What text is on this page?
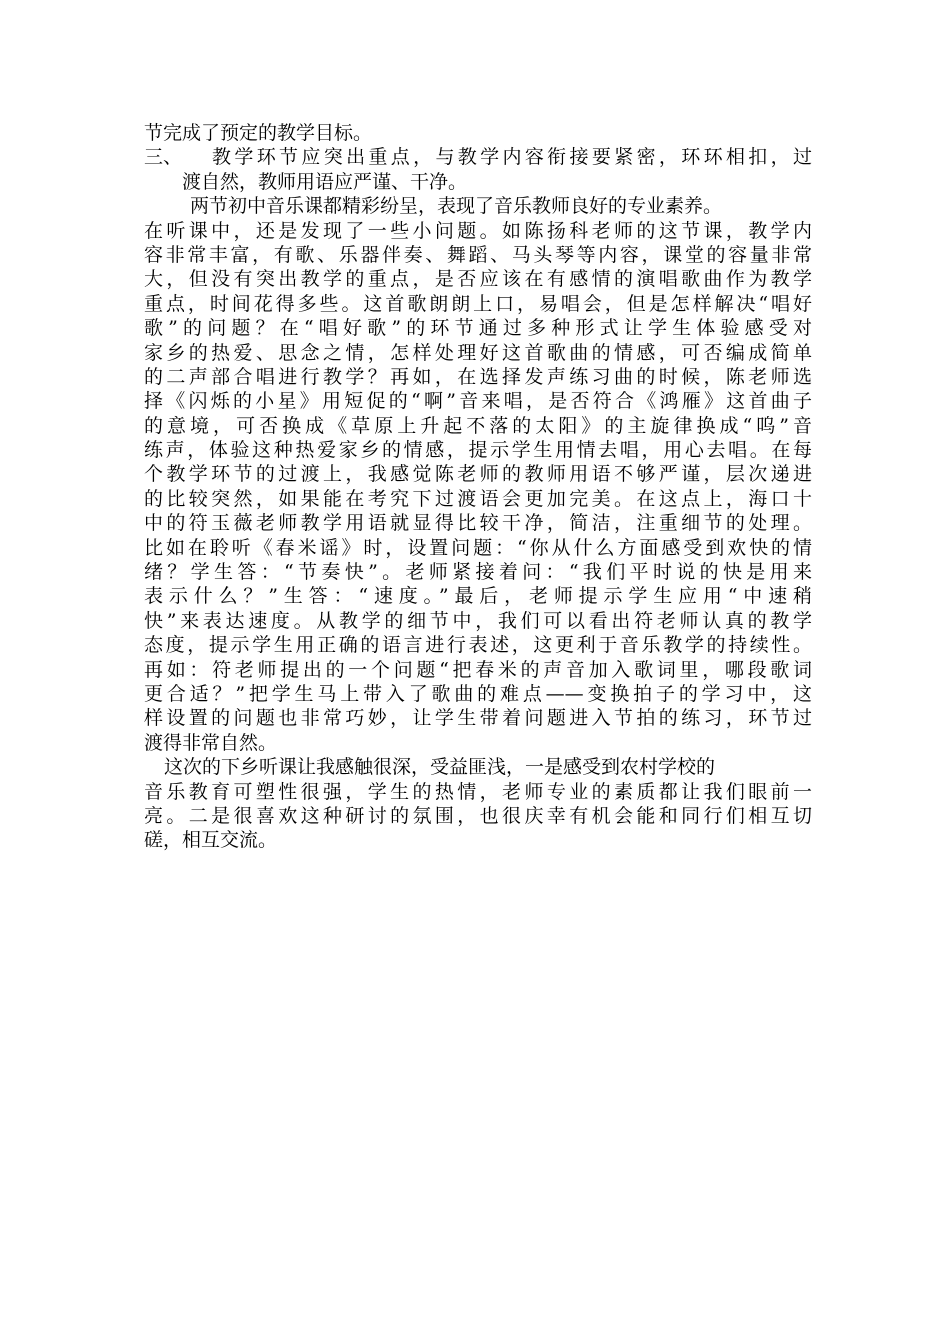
节完成了预定的教学目标。
三、	教学环节应突出重点，与教学内容衔接要紧密，环环相扣，过
渡自然，教师用语应严谨、干净。
两节初中音乐课都精彩纷呈，表现了音乐教师良好的专业素养。
在听课中，还是发现了一些小问题。如陈扬科老师的这节课，教学内
容非常丰富，有歌、乐器伴奏、舞蹈、马头琴等内容，课堂的容量非常
大，但没有突出教学的重点，是否应该在有感情的演唱歌曲作为教学
重点，时间花得多些。这首歌朗朗上口，易唱会，但是怎样解决“唱好
歌”的问题？在“唱好歌”的环节通过多种形式让学生体验感受对
家乡的热爱、思念之情，怎样处理好这首歌曲的情感，可否编成简单
的二声部合唱进行教学？再如，在选择发声练习曲的时候，陈老师选
择《闪烁的小星》用短促的“啊”音来唱，是否符合《鸿雁》这首曲子
的意境，可否换成《草原上升起不落的太阳》的主旋律换成“呜”音
练声，体验这种热爱家乡的情感，提示学生用情去唱，用心去唱。在每
个教学环节的过渡上，我感觉陈老师的教师用语不够严谨，层次递进
的比较突然，如果能在考究下过渡语会更加完美。在这点上，海口十
中的符玉薇老师教学用语就显得比较干净，简洁，注重细节的处理。
比如在聆听《春米谣》时，设置问题：“你从什么方面感受到欢快的情
绪？学生答：“节奏快”。老师紧接着问：“我们平时说的快是用来
表示什么？”生答：“速度。”最后，老师提示学生应用“中速稍
快”来表达速度。从教学的细节中，我们可以看出符老师认真的教学
态度，提示学生用正确的语言进行表述，这更利于音乐教学的持续性。
再如：符老师提出的一个问题“把春米的声音加入歌词里，哪段歌词
更合适？”把学生马上带入了歌曲的难点——变换拍子的学习中，这
样设置的问题也非常巧妙，让学生带着问题进入节拍的练习，环节过
渡得非常自然。
这次的下乡听课让我感触很深，受益匪浅，一是感受到农村学校的
音乐教育可塑性很强，学生的热情，老师专业的素质都让我们眼前一
亮。二是很喜欢这种研讨的氛围，也很庆幸有机会能和同行们相互切
磋，相互交流。
